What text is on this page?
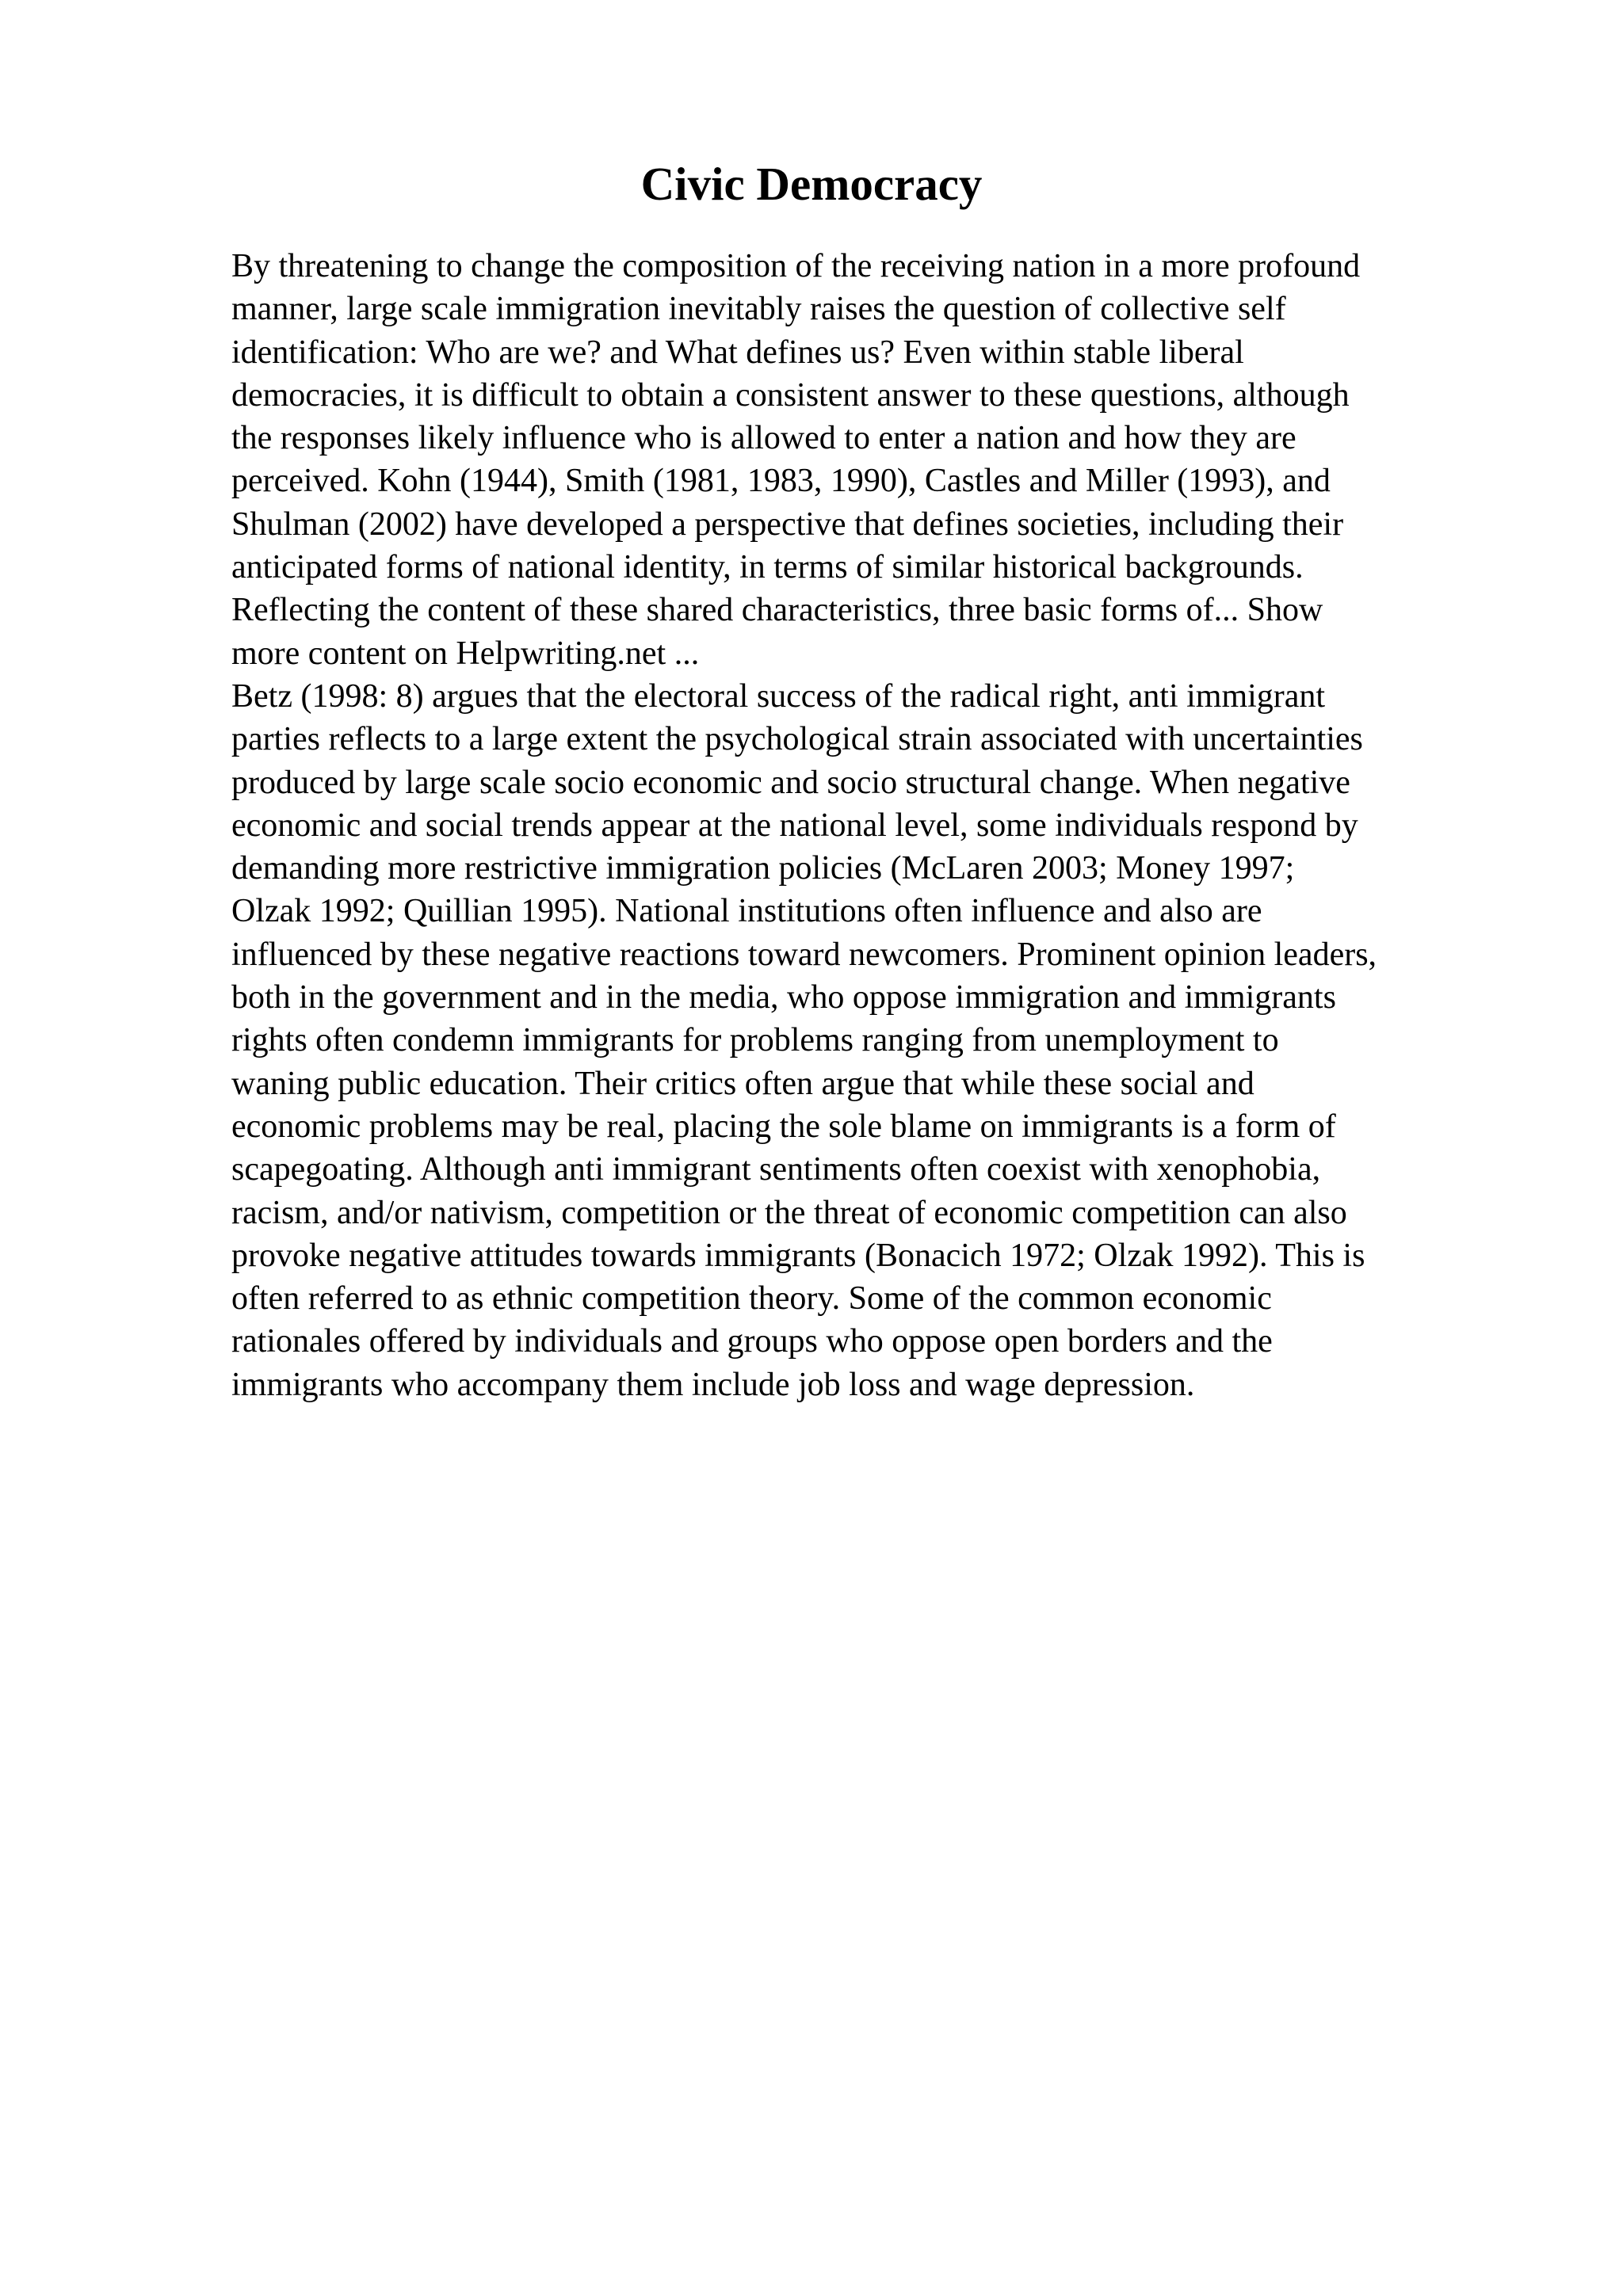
Civic Democracy
By threatening to change the composition of the receiving nation in a more profound
manner, large scale immigration inevitably raises the question of collective self
identification: Who are we? and What defines us? Even within stable liberal
democracies, it is difficult to obtain a consistent answer to these questions, although
the responses likely influence who is allowed to enter a nation and how they are
perceived. Kohn (1944), Smith (1981, 1983, 1990), Castles and Miller (1993), and
Shulman (2002) have developed a perspective that defines societies, including their
anticipated forms of national identity, in terms of similar historical backgrounds.
Reflecting the content of these shared characteristics, three basic forms of... Show
more content on Helpwriting.net ...
Betz (1998: 8) argues that the electoral success of the radical right, anti immigrant
parties reflects to a large extent the psychological strain associated with uncertainties
produced by large scale socio economic and socio structural change. When negative
economic and social trends appear at the national level, some individuals respond by
demanding more restrictive immigration policies (McLaren 2003; Money 1997;
Olzak 1992; Quillian 1995). National institutions often influence and also are
influenced by these negative reactions toward newcomers. Prominent opinion leaders,
both in the government and in the media, who oppose immigration and immigrants
rights often condemn immigrants for problems ranging from unemployment to
waning public education. Their critics often argue that while these social and
economic problems may be real, placing the sole blame on immigrants is a form of
scapegoating. Although anti immigrant sentiments often coexist with xenophobia,
racism, and/or nativism, competition or the threat of economic competition can also
provoke negative attitudes towards immigrants (Bonacich 1972; Olzak 1992). This is
often referred to as ethnic competition theory. Some of the common economic
rationales offered by individuals and groups who oppose open borders and the
immigrants who accompany them include job loss and wage depression.
